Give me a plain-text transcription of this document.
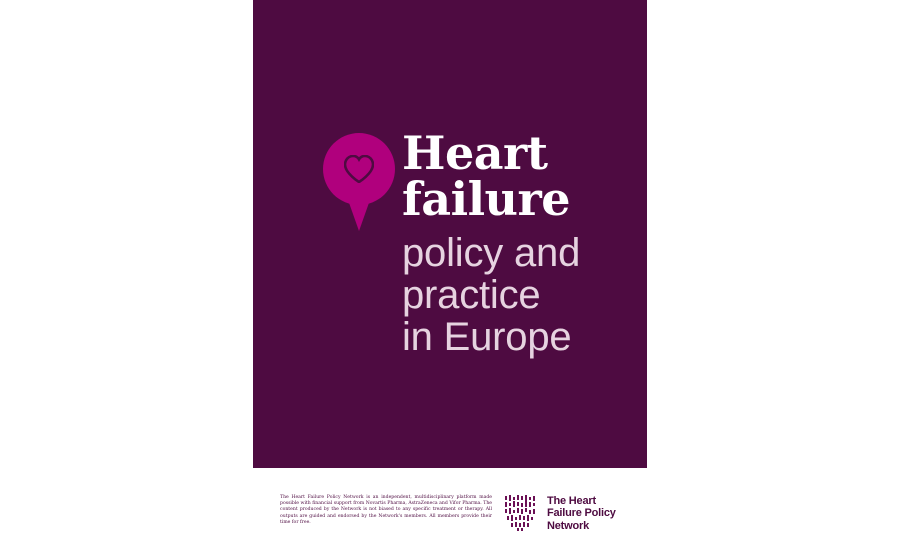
Heart
failure
policy and
practice
in Europe
The Heart Failure Policy Network is an independent, multidisciplinary platform made possible with financial support from Novartis Pharma, AstraZeneca and Vifor Pharma. The content produced by the Network is not biased to any specific treatment or therapy. All outputs are guided and endorsed by the Network's members. All members provide their time for free.
The Heart
Failure Policy
Network
